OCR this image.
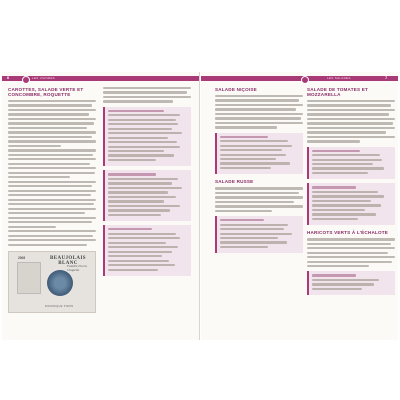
6	LES VIANDES
CAROTTES, SALADE VERTE ET CONCOMBRE, ROQUETTE
2008	BEAUJOLAIS BLANC
Famille Du La Chapelle
DOMINIQUE PIRON
LES SALADES	7
SALADE NIÇOISE
SALADE RUSSE
SALADE DE TOMATES ET MOZZARELLA
HARICOTS VERTS À L'ÉCHALOTE
